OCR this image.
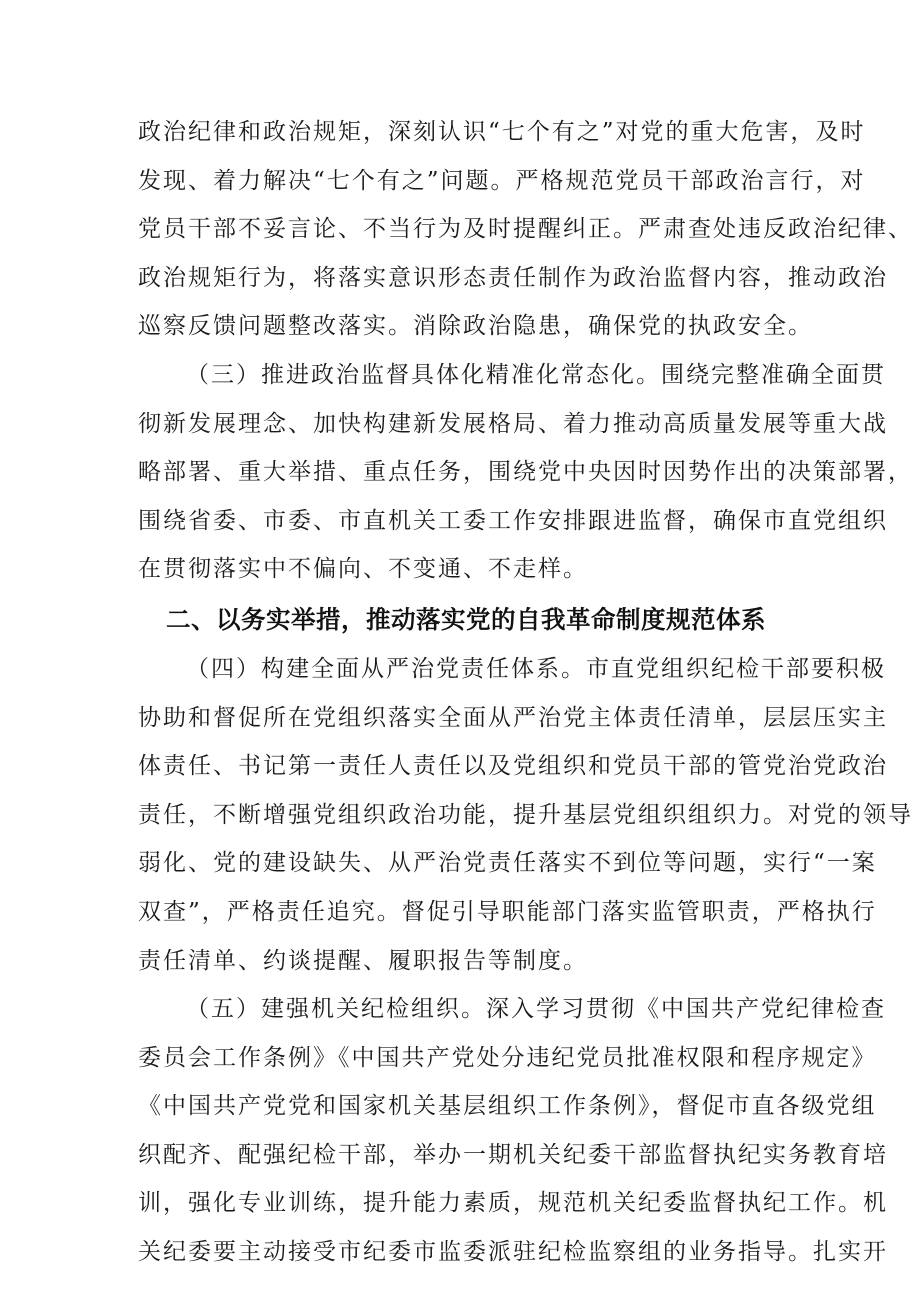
政治纪律和政治规矩，深刻认识“七个有之”对党的重大危害，及时
发现、着力解决“七个有之”问题。严格规范党员干部政治言行，对
党员干部不妥言论、不当行为及时提醒纠正。严肃查处违反政治纪律、
政治规矩行为，将落实意识形态责任制作为政治监督内容，推动政治
巡察反馈问题整改落实。消除政治隐患，确保党的执政安全。
（三）推进政治监督具体化精准化常态化。围绕完整准确全面贯
彻新发展理念、加快构建新发展格局、着力推动高质量发展等重大战
略部署、重大举措、重点任务，围绕党中央因时因势作出的决策部署，
围绕省委、市委、市直机关工委工作安排跟进监督，确保市直党组织
在贯彻落实中不偏向、不变通、不走样。
二、以务实举措，推动落实党的自我革命制度规范体系
（四）构建全面从严治党责任体系。市直党组织纪检干部要积极
协助和督促所在党组织落实全面从严治党主体责任清单，层层压实主
体责任、书记第一责任人责任以及党组织和党员干部的管党治党政治
责任，不断增强党组织政治功能，提升基层党组织组织力。对党的领导
弱化、党的建设缺失、从严治党责任落实不到位等问题，实行“一案
双查”，严格责任追究。督促引导职能部门落实监管职责，严格执行
责任清单、约谈提醒、履职报告等制度。
（五）建强机关纪检组织。深入学习贯彻《中国共产党纪律检查
委员会工作条例》《中国共产党处分违纪党员批准权限和程序规定》
《中国共产党党和国家机关基层组织工作条例》，督促市直各级党组
织配齐、配强纪检干部，举办一期机关纪委干部监督执纪实务教育培
训，强化专业训练，提升能力素质，规范机关纪委监督执纪工作。机
关纪委要主动接受市纪委市监委派驻纪检监察组的业务指导。扎实开
